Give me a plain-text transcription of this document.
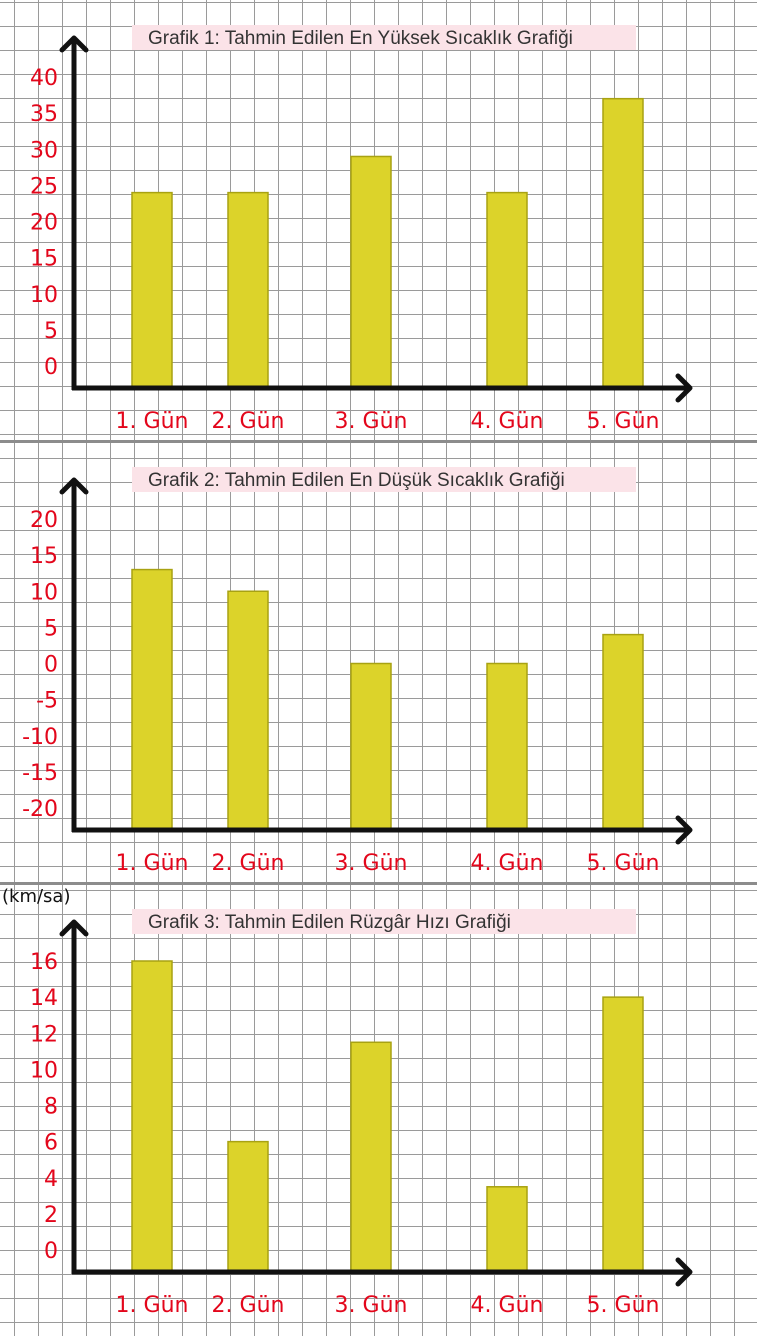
Grafik 1: Tahmin Edilen En Yüksek Sıcaklık Grafiği
0
5
10
15
20
25
30
35
40
1. Gün 2. Gün 3. Gün	4. Gün 5. Gün
Grafik 2: Tahmin Edilen En Düşük Sıcaklık Grafiği
-20
-15
-10
-5
0
5
10
15
20
1. Gün 2. Gün 3. Gün	4. Gün 5. Gün
Grafik 3: Tahmin Edilen Rüzgâr Hızı Grafiği
(km/sa)
0
2
4
6
8
10
12
14
16
1. Gün 2. Gün 3. Gün	4. Gün 5. Gün
